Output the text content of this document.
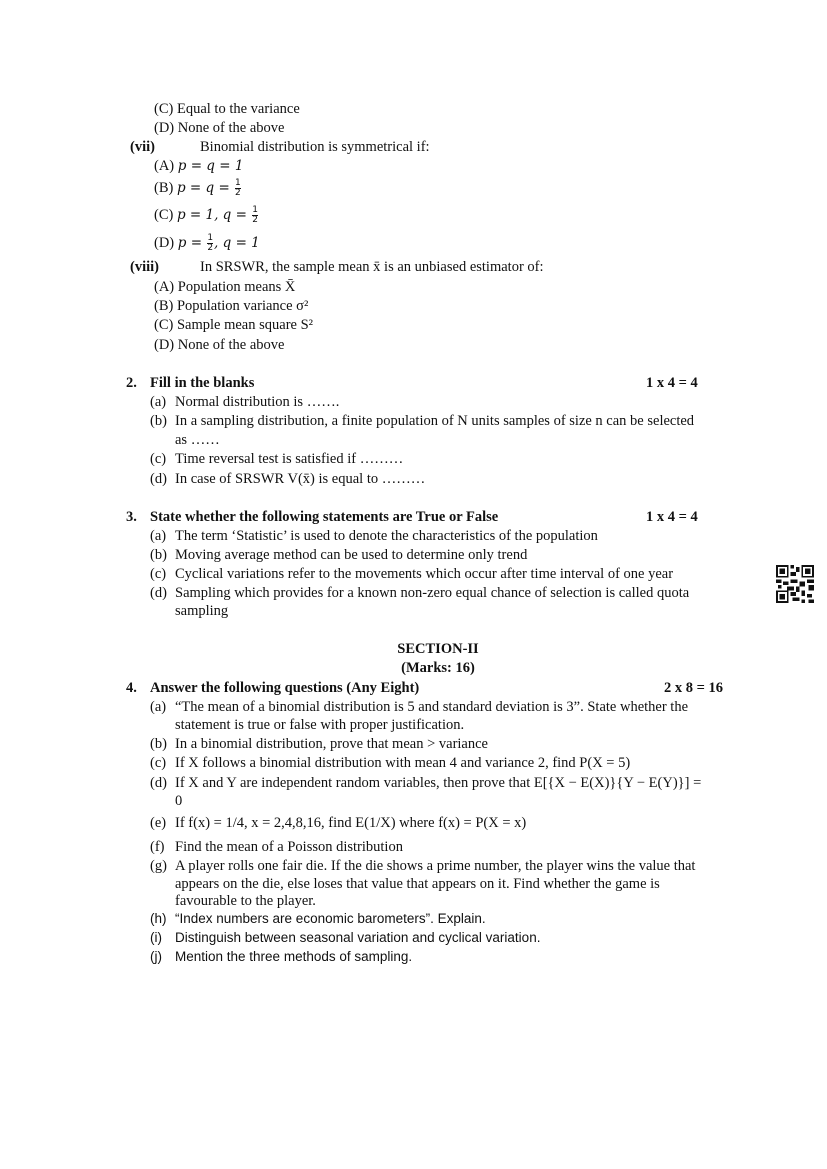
(C) Equal to the variance
(D) None of the above
(vii)	Binomial distribution is symmetrical if:
(A) p = q = 1
(B) $p = q = \frac{1}{2}$
(C) p = 1, $q = \frac{1}{2}$
(D) $p = \frac{1}{2}$ , q = 1
(viii)	In SRSWR, the sample mean x̄ is an unbiased estimator of:
(A) Population means X̄
(B) Population variance σ²
(C) Sample mean square S²
(D) None of the above
2. Fill in the blanks	1 x 4 = 4
(a) Normal distribution is …….
(b) In a sampling distribution, a finite population of N units samples of size n can be selected
as ……
(c) Time reversal test is satisfied if ………
(d) In case of SRSWR V(x̄) is equal to ………
3. State whether the following statements are True or False	1 x 4 = 4
(a) The term ‘Statistic’ is used to denote the characteristics of the population
(b) Moving average method can be used to determine only trend
(c) Cyclical variations refer to the movements which occur after time interval of one year
(d) Sampling which provides for a known non-zero equal chance of selection is called quota
sampling
SECTION-II
(Marks: 16)
4. Answer the following questions (Any Eight)	2 x 8 = 16
(a) “The mean of a binomial distribution is 5 and standard deviation is 3”. State whether the
statement is true or false with proper justification.
(b) In a binomial distribution, prove that mean > variance
(c) If X follows a binomial distribution with mean 4 and variance 2, find P(X = 5)
(d) If X and Y are independent random variables, then prove that E[{X − E(X)}{Y − E(Y)}] =
0
(e) If f(x) = 1/4, x = 2,4,8,16, find E(1/X) where f(x) = P(X = x)
(f) Find the mean of a Poisson distribution
(g) A player rolls one fair die. If the die shows a prime number, the player wins the value that
appears on the die, else loses that value that appears on it. Find whether the game is
favourable to the player.
(h) “Index numbers are economic barometers”. Explain.
(i) Distinguish between seasonal variation and cyclical variation.
(j) Mention the three methods of sampling.
